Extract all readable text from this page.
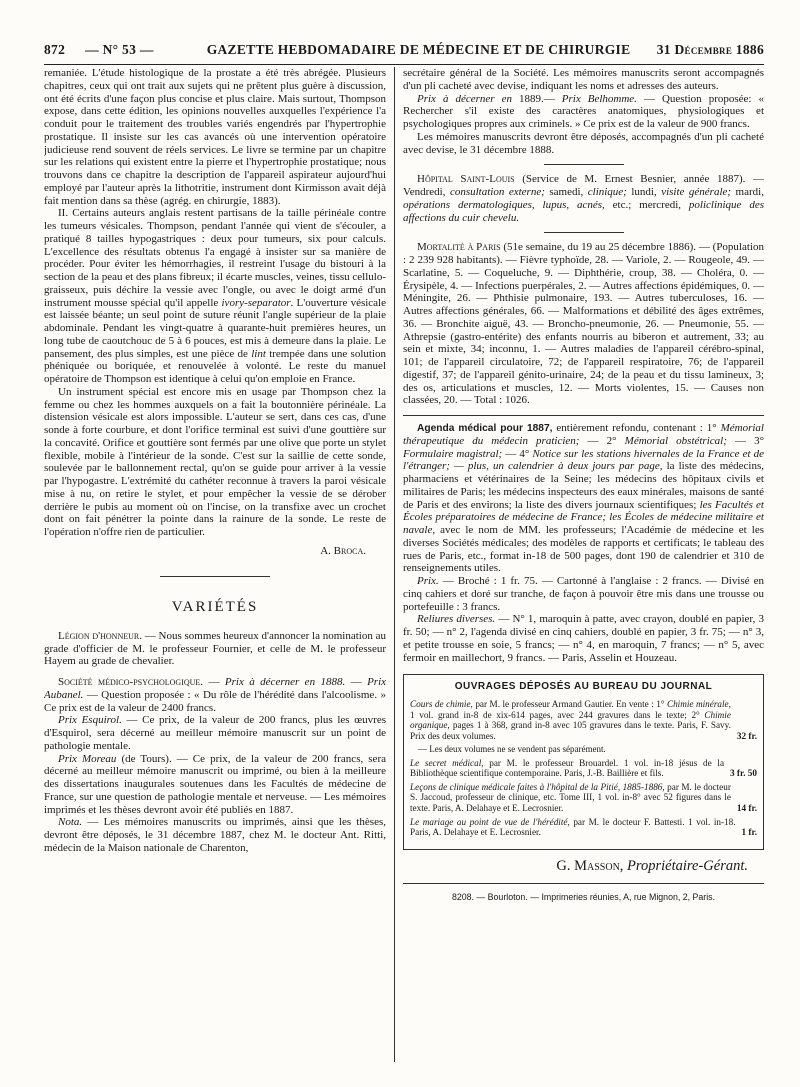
872	— N° 53 —	GAZETTE HEBDOMADAIRE DE MÉDECINE ET DE CHIRURGIE	31 Décembre 1886

remaniée. L'étude histologique de la prostate a été très abrégée. Plusieurs chapitres, ceux qui ont trait aux sujets qui ne prêtent plus guère à discussion, ont été écrits d'une façon plus concise et plus claire. Mais surtout, Thompson expose, dans cette édition, les opinions nouvelles auxquelles l'expérience l'a conduit pour le traitement des troubles variés engendrés par l'hypertrophie prostatique. Il insiste sur les cas avancés où une intervention opératoire judicieuse rend souvent de réels services. Le livre se termine par un chapitre sur les relations qui existent entre la pierre et l'hypertrophie prostatique; nous trouvons dans ce chapitre la description de l'appareil aspirateur aujourd'hui employé par l'auteur après la lithotritie, instrument dont Kirmisson avait déjà fait mention dans sa thèse (agrég. en chirurgie, 1883).

II. Certains auteurs anglais restent partisans de la taille périnéale contre les tumeurs vésicales. Thompson, pendant l'année qui vient de s'écouler, a pratiqué 8 tailles hypogastriques : deux pour tumeurs, six pour calculs. L'excellence des résultats obtenus l'a engagé à insister sur sa manière de procéder. Pour éviter les hémorrhagies, il restreint l'usage du bistouri à la section de la peau et des plans fibreux; il écarte muscles, veines, tissu cellulo-graisseux, puis déchire la vessie avec l'ongle, ou avec le doigt armé d'un instrument mousse spécial qu'il appelle ivory-separator. L'ouverture vésicale est laissée béante; un seul point de suture réunit l'angle supérieur de la plaie abdominale. Pendant les vingt-quatre à quarante-huit premières heures, un long tube de caoutchouc de 5 à 6 pouces, est mis à demeure dans la plaie. Le pansement, des plus simples, est une pièce de lint trempée dans une solution phéniquée ou boriquée, et renouvelée à volonté. Le reste du manuel opératoire de Thompson est identique à celui qu'on emploie en France.

Un instrument spécial est encore mis en usage par Thompson chez la femme ou chez les hommes auxquels on a fait la boutonnière périnéale. La distension vésicale est alors impossible. L'auteur se sert, dans ces cas, d'une sonde à forte courbure, et dont l'orifice terminal est suivi d'une gouttière sur la concavité. Orifice et gouttière sont fermés par une olive que porte un stylet flexible, mobile à l'intérieur de la sonde. C'est sur la saillie de cette sonde, soulevée par le ballonnement rectal, qu'on se guide pour arriver à la vessie par l'hypogastre. L'extrémité du cathéter reconnue à travers la paroi vésicale mise à nu, on retire le stylet, et pour empêcher la vessie de se dérober derrière le pubis au moment où on l'incise, on la transfixe avec un crochet dont on fait pénétrer la pointe dans la rainure de la sonde. Le reste de l'opération n'offre rien de particulier.

A. Broca.

VARIÉTÉS

Légion d'honneur. — Nous sommes heureux d'annoncer la nomination au grade d'officier de M. le professeur Fournier, et celle de M. le professeur Hayem au grade de chevalier.

Société médico-psychologique. — Prix à décerner en 1888. — Prix Aubanel. — Question proposée : « Du rôle de l'hérédité dans l'alcoolisme. » Ce prix est de la valeur de 2400 francs.

Prix Esquirol. — Ce prix, de la valeur de 200 francs, plus les œuvres d'Esquirol, sera décerné au meilleur mémoire manuscrit sur un point de pathologie mentale.

Prix Moreau (de Tours). — Ce prix, de la valeur de 200 francs, sera décerné au meilleur mémoire manuscrit ou imprimé, ou bien à la meilleure des dissertations inaugurales soutenues dans les Facultés de médecine de France, sur une question de pathologie mentale et nerveuse. — Les mémoires imprimés et les thèses devront avoir été publiés en 1887.

Nota. — Les mémoires manuscrits ou imprimés, ainsi que les thèses, devront être déposés, le 31 décembre 1887, chez M. le docteur Ant. Ritti, médecin de la Maison nationale de Charenton,

secrétaire général de la Société. Les mémoires manuscrits seront accompagnés d'un pli cacheté avec devise, indiquant les noms et adresses des auteurs.

Prix à décerner en 1889.— Prix Belhomme. — Question proposée: « Rechercher s'il existe des caractères anatomiques, physiologiques et psychologiques propres aux criminels. » Ce prix est de la valeur de 900 francs.

Les mémoires manuscrits devront être déposés, accompagnés d'un pli cacheté avec devise, le 31 décembre 1888.

Hôpital Saint-Louis (Service de M. Ernest Besnier, année 1887). — Vendredi, consultation externe; samedi, clinique; lundi, visite générale; mardi, opérations dermatologiques, lupus, acnés, etc.; mercredi, policlinique des affections du cuir chevelu.

Mortalité à Paris (51e semaine, du 19 au 25 décembre 1886). — (Population : 2 239 928 habitants). — Fièvre typhoïde, 28. — Variole, 2. — Rougeole, 49. — Scarlatine, 5. — Coqueluche, 9. — Diphthérie, croup, 38. — Choléra, 0. — Érysipèle, 4. — Infections puerpérales, 2. — Autres affections épidémiques, 0. — Méningite, 26. — Phthisie pulmonaire, 193. — Autres tuberculoses, 16. — Autres affections générales, 66. — Malformations et débilité des âges extrêmes, 36. — Bronchite aiguë, 43. — Broncho-pneumonie, 26. — Pneumonie, 55. — Athrepsie (gastro-entérite) des enfants nourris au biberon et autrement, 33; au sein et mixte, 34; inconnu, 1. — Autres maladies de l'appareil cérébro-spinal, 101; de l'appareil circulatoire, 72; de l'appareil respiratoire, 76; de l'appareil digestif, 37; de l'appareil génito-urinaire, 24; de la peau et du tissu lamineux, 3; des os, articulations et muscles, 12. — Morts violentes, 15. — Causes non classées, 20. — Total : 1026.

Agenda médical pour 1887, entièrement refondu, contenant : 1° Mémorial thérapeutique du médecin praticien; — 2° Mémorial obstétrical; — 3° Formulaire magistral; — 4° Notice sur les stations hivernales de la France et de l'étranger; — plus, un calendrier à deux jours par page, la liste des médecins, pharmaciens et vétérinaires de la Seine; les médecins des hôpitaux civils et militaires de Paris; les médecins inspecteurs des eaux minérales, maisons de santé de Paris et des environs; la liste des divers journaux scientifiques; les Facultés et Écoles préparatoires de médecine de France; les Écoles de médecine militaire et navale, avec le nom de MM. les professeurs; l'Académie de médecine et les diverses Sociétés médicales; des modèles de rapports et certificats; le tableau des rues de Paris, etc., format in-18 de 500 pages, dont 190 de calendrier et 310 de renseignements utiles.

Prix. — Broché : 1 fr. 75. — Cartonné à l'anglaise : 2 francs. — Divisé en cinq cahiers et doré sur tranche, de façon à pouvoir être mis dans une trousse ou portefeuille : 3 francs.

Reliures diverses. — N° 1, maroquin à patte, avec crayon, doublé en papier, 3 fr. 50; — n° 2, l'agenda divisé en cinq cahiers, doublé en papier, 3 fr. 75; — n° 3, et petite trousse en soie, 5 francs; — n° 4, en maroquin, 7 francs; — n° 5, avec fermoir en maillechort, 9 francs. — Paris, Asselin et Houzeau.

OUVRAGES DÉPOSÉS AU BUREAU DU JOURNAL
Cours de chimie, par M. le professeur Armand Gautier. En vente : 1° Chimie minérale, 1 vol. grand in-8 de xix-614 pages, avec 244 gravures dans le texte; 2° Chimie organique, pages 1 à 368, grand in-8 avec 105 gravures dans le texte. Paris, F. Savy. Prix des deux volumes.	32 fr.
— Les deux volumes ne se vendent pas séparément.
Le secret médical, par M. le professeur Brouardel. 1 vol. in-18 jésus de la Bibliothèque scientifique contemporaine. Paris, J.-B. Baillière et fils.	3 fr. 50
Leçons de clinique médicale faites à l'hôpital de la Pitié, 1885-1886, par M. le docteur S. Jaccoud, professeur de clinique, etc. Tome III, 1 vol. in-8° avec 52 figures dans le texte. Paris, A. Delahaye et E. Lecrosnier.	14 fr.
Le mariage au point de vue de l'hérédité, par M. le docteur F. Battesti. 1 vol. in-18. Paris, A. Delahaye et E. Lecrosnier.	1 fr.
G. Masson, Propriétaire-Gérant.
8208. — Bourloton. — Imprimeries réunies, A, rue Mignon, 2, Paris.
